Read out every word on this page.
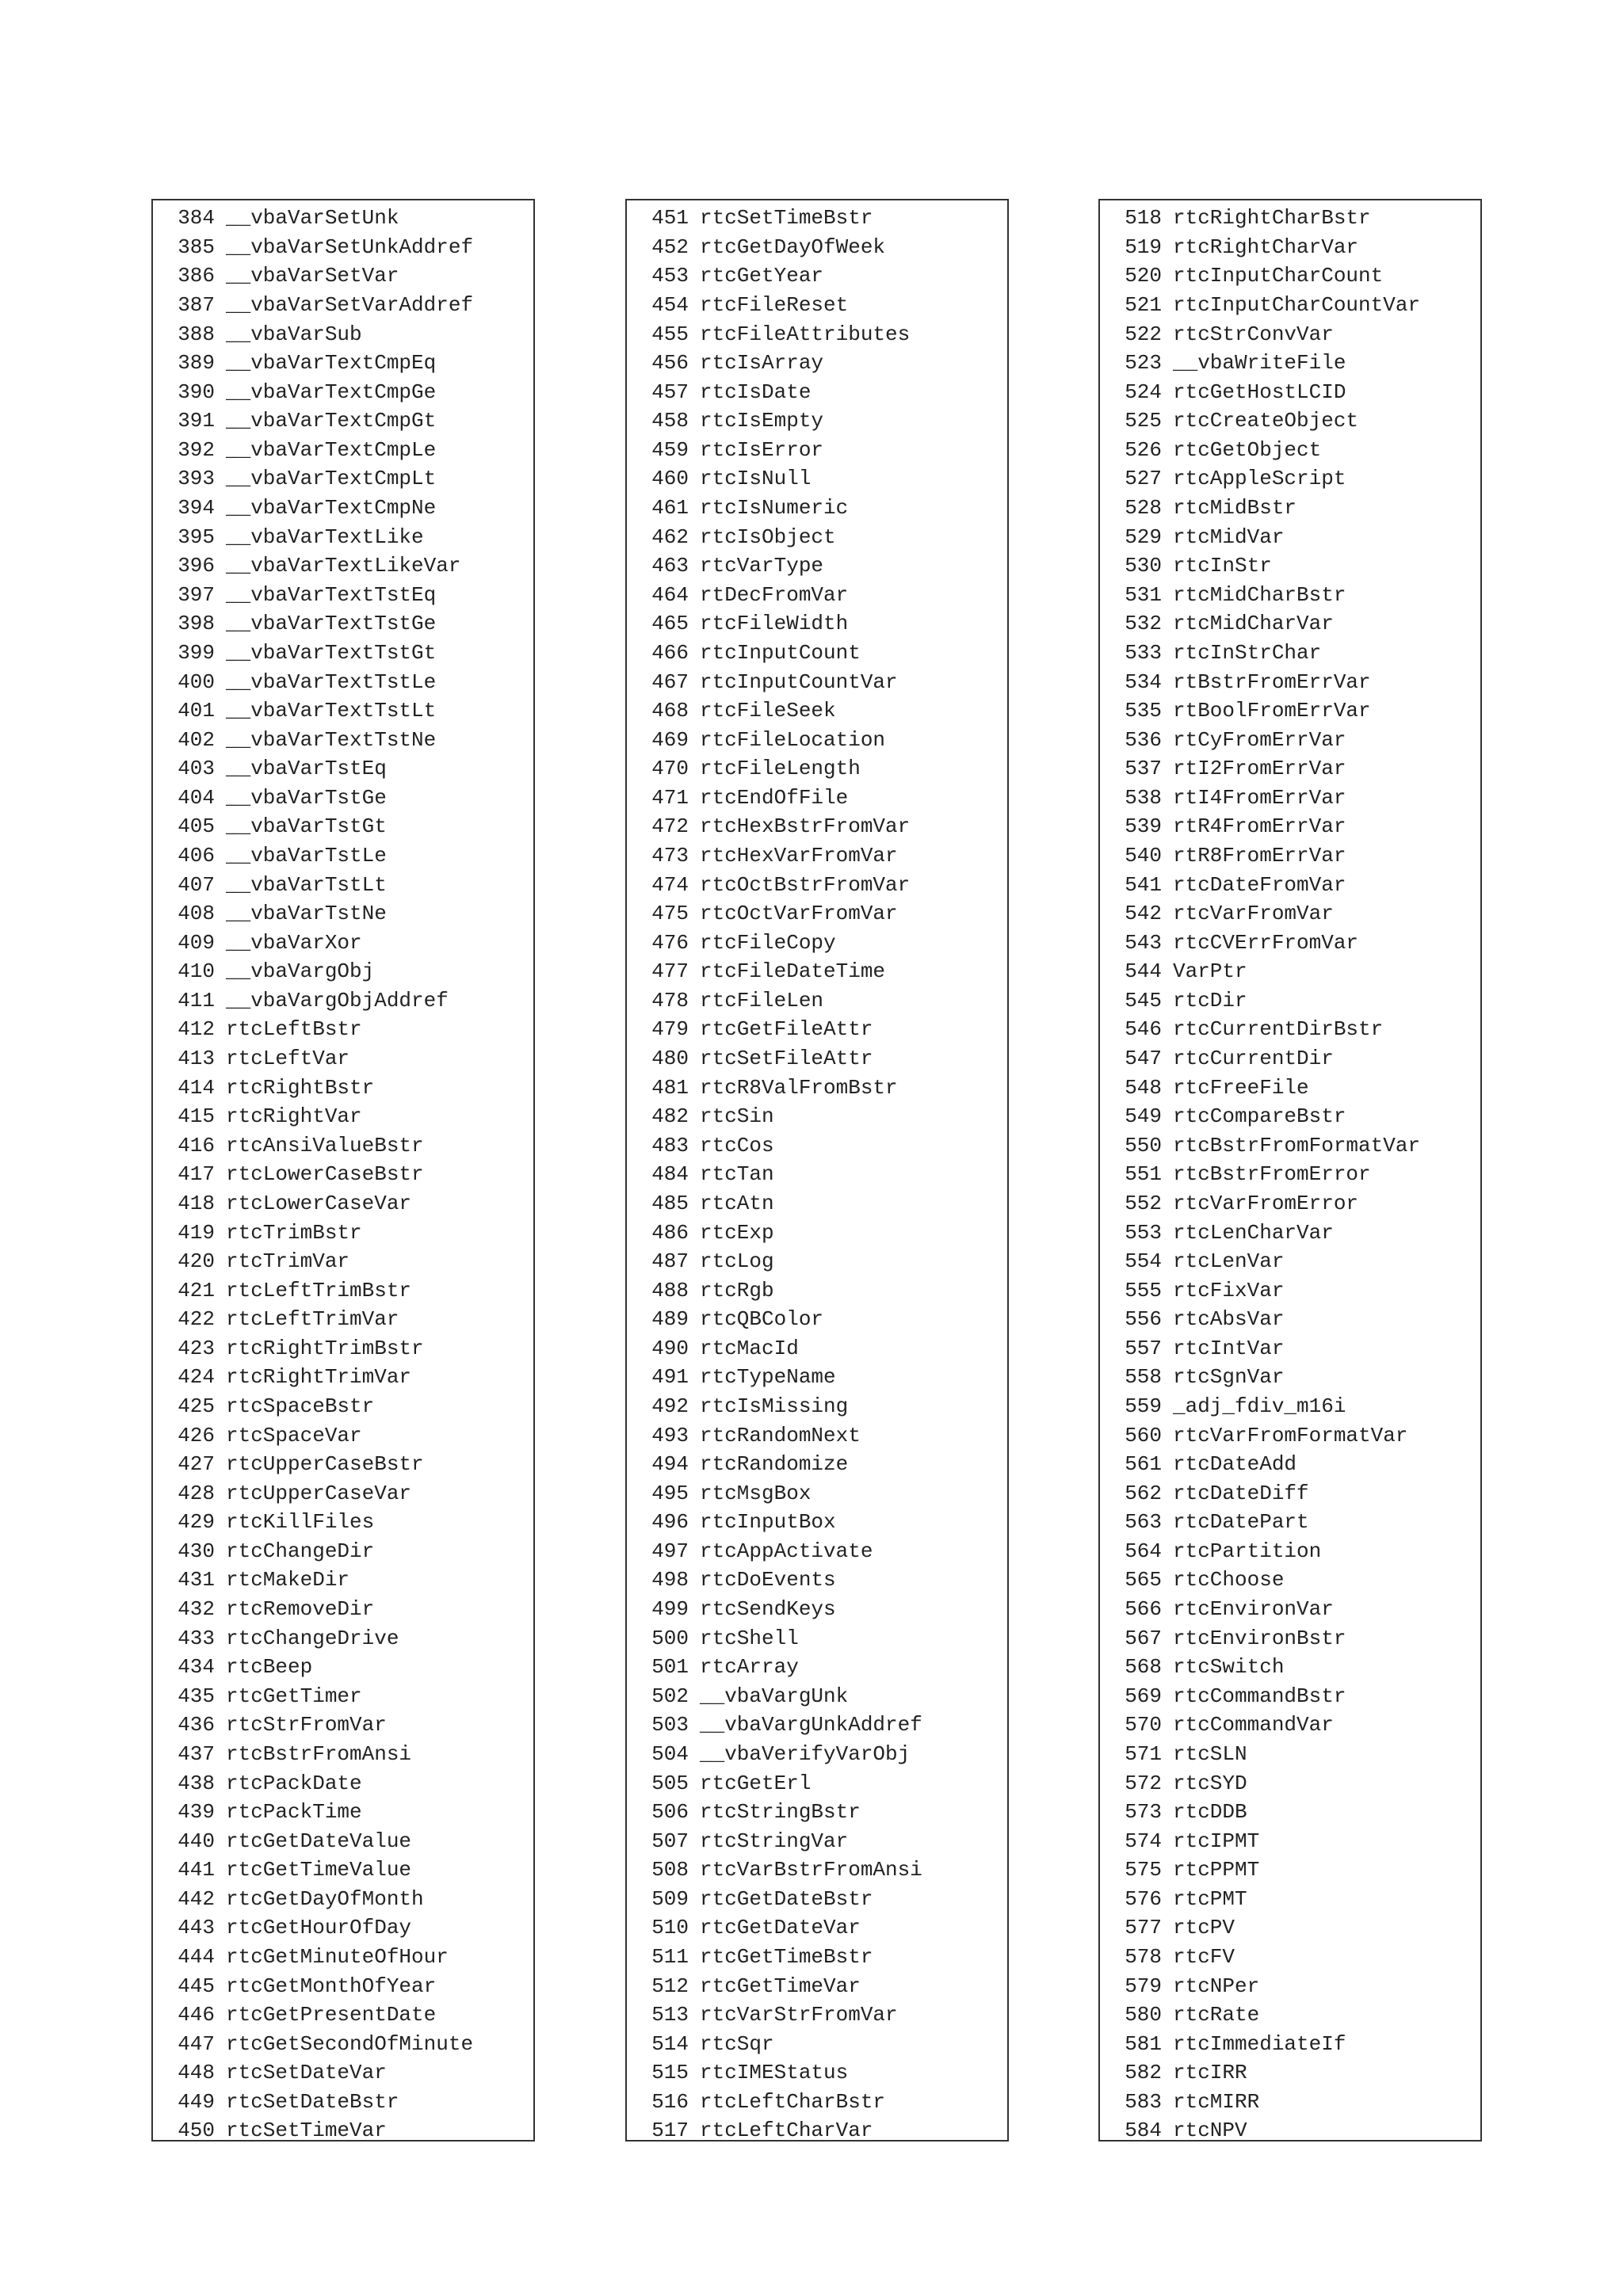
384 __vbaVarSetUnk
385 __vbaVarSetUnkAddref
386 __vbaVarSetVar
387 __vbaVarSetVarAddref
388 __vbaVarSub
389 __vbaVarTextCmpEq
390 __vbaVarTextCmpGe
391 __vbaVarTextCmpGt
392 __vbaVarTextCmpLe
393 __vbaVarTextCmpLt
394 __vbaVarTextCmpNe
395 __vbaVarTextLike
396 __vbaVarTextLikeVar
397 __vbaVarTextTstEq
398 __vbaVarTextTstGe
399 __vbaVarTextTstGt
400 __vbaVarTextTstLe
401 __vbaVarTextTstLt
402 __vbaVarTextTstNe
403 __vbaVarTstEq
404 __vbaVarTstGe
405 __vbaVarTstGt
406 __vbaVarTstLe
407 __vbaVarTstLt
408 __vbaVarTstNe
409 __vbaVarXor
410 __vbaVargObj
411 __vbaVargObjAddref
412 rtcLeftBstr
413 rtcLeftVar
414 rtcRightBstr
415 rtcRightVar
416 rtcAnsiValueBstr
417 rtcLowerCaseBstr
418 rtcLowerCaseVar
419 rtcTrimBstr
420 rtcTrimVar
421 rtcLeftTrimBstr
422 rtcLeftTrimVar
423 rtcRightTrimBstr
424 rtcRightTrimVar
425 rtcSpaceBstr
426 rtcSpaceVar
427 rtcUpperCaseBstr
428 rtcUpperCaseVar
429 rtcKillFiles
430 rtcChangeDir
431 rtcMakeDir
432 rtcRemoveDir
433 rtcChangeDrive
434 rtcBeep
435 rtcGetTimer
436 rtcStrFromVar
437 rtcBstrFromAnsi
438 rtcPackDate
439 rtcPackTime
440 rtcGetDateValue
441 rtcGetTimeValue
442 rtcGetDayOfMonth
443 rtcGetHourOfDay
444 rtcGetMinuteOfHour
445 rtcGetMonthOfYear
446 rtcGetPresentDate
447 rtcGetSecondOfMinute
448 rtcSetDateVar
449 rtcSetDateBstr
450 rtcSetTimeVar
451 rtcSetTimeBstr
452 rtcGetDayOfWeek
453 rtcGetYear
454 rtcFileReset
455 rtcFileAttributes
456 rtcIsArray
457 rtcIsDate
458 rtcIsEmpty
459 rtcIsError
460 rtcIsNull
461 rtcIsNumeric
462 rtcIsObject
463 rtcVarType
464 rtDecFromVar
465 rtcFileWidth
466 rtcInputCount
467 rtcInputCountVar
468 rtcFileSeek
469 rtcFileLocation
470 rtcFileLength
471 rtcEndOfFile
472 rtcHexBstrFromVar
473 rtcHexVarFromVar
474 rtcOctBstrFromVar
475 rtcOctVarFromVar
476 rtcFileCopy
477 rtcFileDateTime
478 rtcFileLen
479 rtcGetFileAttr
480 rtcSetFileAttr
481 rtcR8ValFromBstr
482 rtcSin
483 rtcCos
484 rtcTan
485 rtcAtn
486 rtcExp
487 rtcLog
488 rtcRgb
489 rtcQBColor
490 rtcMacId
491 rtcTypeName
492 rtcIsMissing
493 rtcRandomNext
494 rtcRandomize
495 rtcMsgBox
496 rtcInputBox
497 rtcAppActivate
498 rtcDoEvents
499 rtcSendKeys
500 rtcShell
501 rtcArray
502 __vbaVargUnk
503 __vbaVargUnkAddref
504 __vbaVerifyVarObj
505 rtcGetErl
506 rtcStringBstr
507 rtcStringVar
508 rtcVarBstrFromAnsi
509 rtcGetDateBstr
510 rtcGetDateVar
511 rtcGetTimeBstr
512 rtcGetTimeVar
513 rtcVarStrFromVar
514 rtcSqr
515 rtcIMEStatus
516 rtcLeftCharBstr
517 rtcLeftCharVar
518 rtcRightCharBstr
519 rtcRightCharVar
520 rtcInputCharCount
521 rtcInputCharCountVar
522 rtcStrConvVar
523 __vbaWriteFile
524 rtcGetHostLCID
525 rtcCreateObject
526 rtcGetObject
527 rtcAppleScript
528 rtcMidBstr
529 rtcMidVar
530 rtcInStr
531 rtcMidCharBstr
532 rtcMidCharVar
533 rtcInStrChar
534 rtBstrFromErrVar
535 rtBoolFromErrVar
536 rtCyFromErrVar
537 rtI2FromErrVar
538 rtI4FromErrVar
539 rtR4FromErrVar
540 rtR8FromErrVar
541 rtcDateFromVar
542 rtcVarFromVar
543 rtcCVErrFromVar
544 VarPtr
545 rtcDir
546 rtcCurrentDirBstr
547 rtcCurrentDir
548 rtcFreeFile
549 rtcCompareBstr
550 rtcBstrFromFormatVar
551 rtcBstrFromError
552 rtcVarFromError
553 rtcLenCharVar
554 rtcLenVar
555 rtcFixVar
556 rtcAbsVar
557 rtcIntVar
558 rtcSgnVar
559 _adj_fdiv_m16i
560 rtcVarFromFormatVar
561 rtcDateAdd
562 rtcDateDiff
563 rtcDatePart
564 rtcPartition
565 rtcChoose
566 rtcEnvironVar
567 rtcEnvironBstr
568 rtcSwitch
569 rtcCommandBstr
570 rtcCommandVar
571 rtcSLN
572 rtcSYD
573 rtcDDB
574 rtcIPMT
575 rtcPPMT
576 rtcPMT
577 rtcPV
578 rtcFV
579 rtcNPer
580 rtcRate
581 rtcImmediateIf
582 rtcIRR
583 rtcMIRR
584 rtcNPV
